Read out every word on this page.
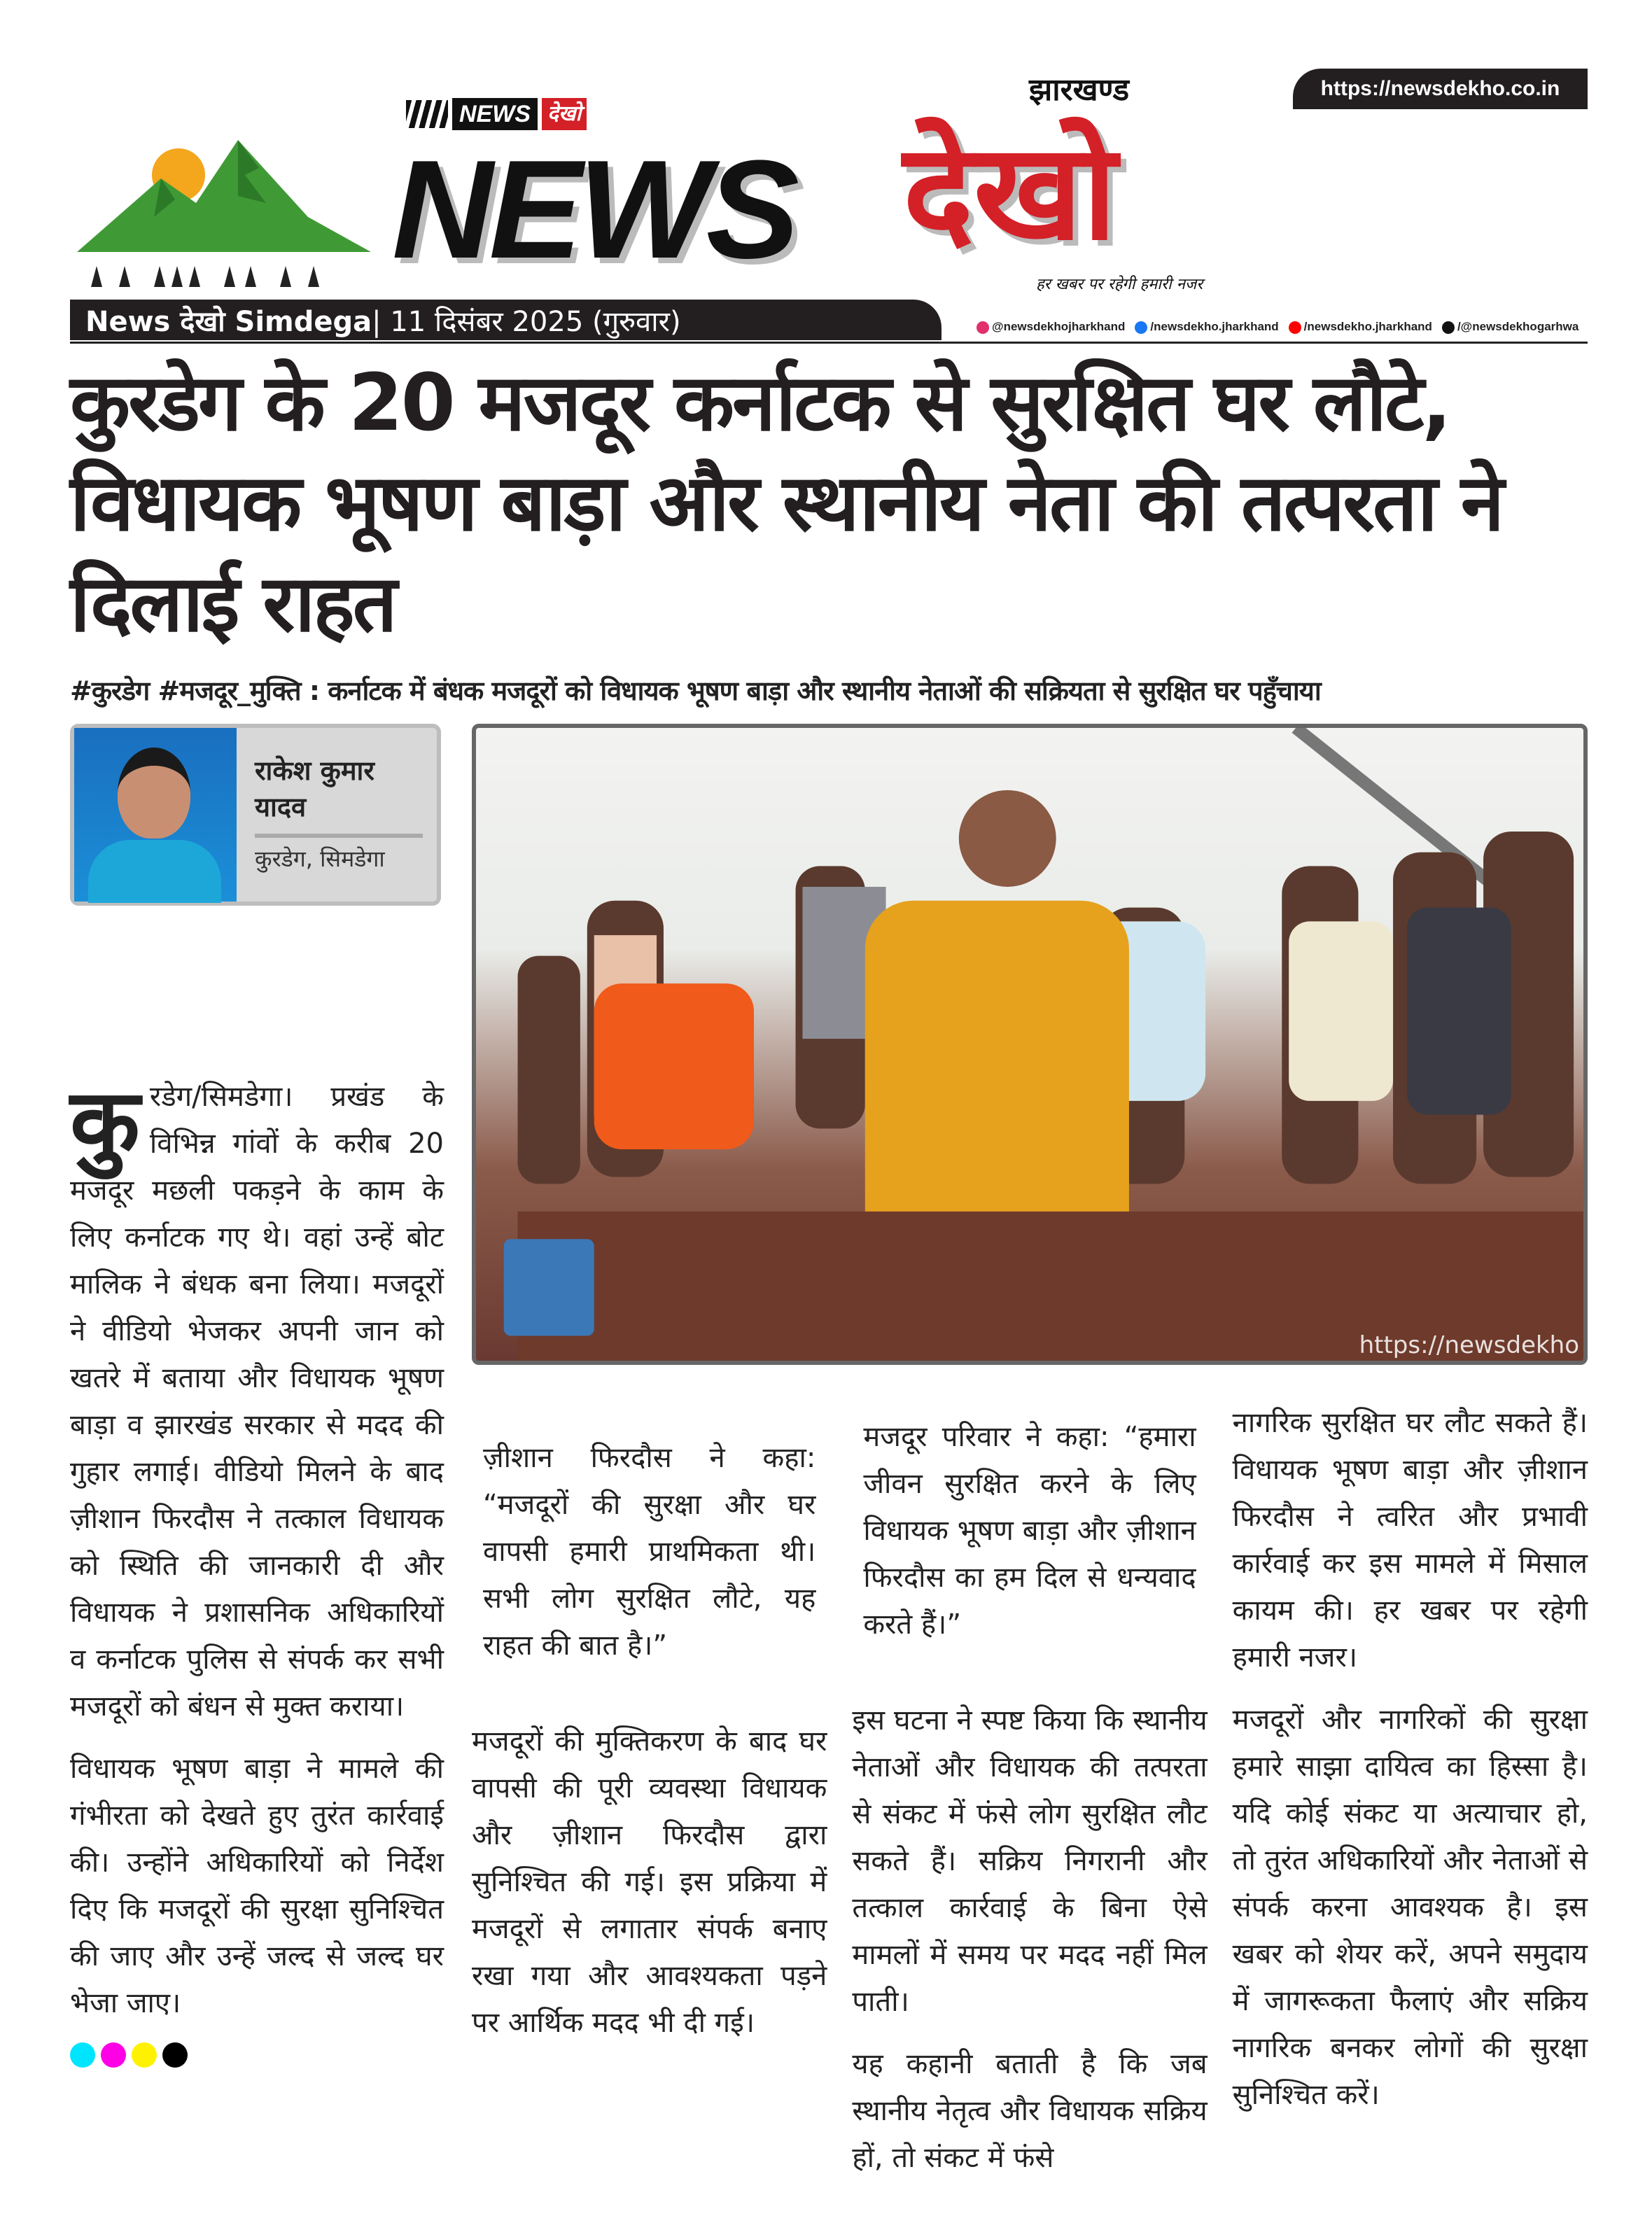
https://newsdekho.co.in
NEWS देखो
NEWS देखो
झारखण्ड
हर खबर पर रहेगी हमारी नजर
News देखो Simdega | 11 दिसंबर 2025 (गुरुवार)	@newsdekhojharkhand	/newsdekho.jharkhand	/newsdekho.jharkhand	/@newsdekhogarhwa
कुरडेग के 20 मजदूर कर्नाटक से सुरक्षित घर लौटे, विधायक भूषण बाड़ा और स्थानीय नेता की तत्परता ने दिलाई राहत
#कुरडेग #मजदूर_मुक्ति : कर्नाटक में बंधक मजदूरों को विधायक भूषण बाड़ा और स्थानीय नेताओं की सक्रियता से सुरक्षित घर पहुँचाया
राकेश कुमार यादव
कुरडेग, सिमडेगा

कुरडेग/सिमडेगा। प्रखंड के विभिन्न गांवों के करीब 20 मजदूर मछली पकड़ने के काम के लिए कर्नाटक गए थे। वहां उन्हें बोट मालिक ने बंधक बना लिया। मजदूरों ने वीडियो भेजकर अपनी जान को खतरे में बताया और विधायक भूषण बाड़ा व झारखंड सरकार से मदद की गुहार लगाई। वीडियो मिलने के बाद ज़ीशान फिरदौस ने तत्काल विधायक को स्थिति की जानकारी दी और विधायक ने प्रशासनिक अधिकारियों व कर्नाटक पुलिस से संपर्क कर सभी मजदूरों को बंधन से मुक्त कराया।

विधायक भूषण बाड़ा ने मामले की गंभीरता को देखते हुए तुरंत कार्रवाई की। उन्होंने अधिकारियों को निर्देश दिए कि मजदूरों की सुरक्षा सुनिश्चित की जाए और उन्हें जल्द से जल्द घर भेजा जाए।

https://newsdekho

ज़ीशान फिरदौस ने कहा: “मजदूरों की सुरक्षा और घर वापसी हमारी प्राथमिकता थी। सभी लोग सुरक्षित लौटे, यह राहत की बात है।”

मजदूरों की मुक्तिकरण के बाद घर वापसी की पूरी व्यवस्था विधायक और ज़ीशान फिरदौस द्वारा सुनिश्चित की गई। इस प्रक्रिया में मजदूरों से लगातार संपर्क बनाए रखा गया और आवश्यकता पड़ने पर आर्थिक मदद भी दी गई।

मजदूर परिवार ने कहा: “हमारा जीवन सुरक्षित करने के लिए विधायक भूषण बाड़ा और ज़ीशान फिरदौस का हम दिल से धन्यवाद करते हैं।”

इस घटना ने स्पष्ट किया कि स्थानीय नेताओं और विधायक की तत्परता से संकट में फंसे लोग सुरक्षित लौट सकते हैं। सक्रिय निगरानी और तत्काल कार्रवाई के बिना ऐसे मामलों में समय पर मदद नहीं मिल पाती।

यह कहानी बताती है कि जब स्थानीय नेतृत्व और विधायक सक्रिय हों, तो संकट में फंसे

नागरिक सुरक्षित घर लौट सकते हैं। विधायक भूषण बाड़ा और ज़ीशान फिरदौस ने त्वरित और प्रभावी कार्रवाई कर इस मामले में मिसाल कायम की। हर खबर पर रहेगी हमारी नजर।

मजदूरों और नागरिकों की सुरक्षा हमारे साझा दायित्व का हिस्सा है। यदि कोई संकट या अत्याचार हो, तो तुरंत अधिकारियों और नेताओं से संपर्क करना आवश्यक है। इस खबर को शेयर करें, अपने समुदाय में जागरूकता फैलाएं और सक्रिय नागरिक बनकर लोगों की सुरक्षा सुनिश्चित करें।
